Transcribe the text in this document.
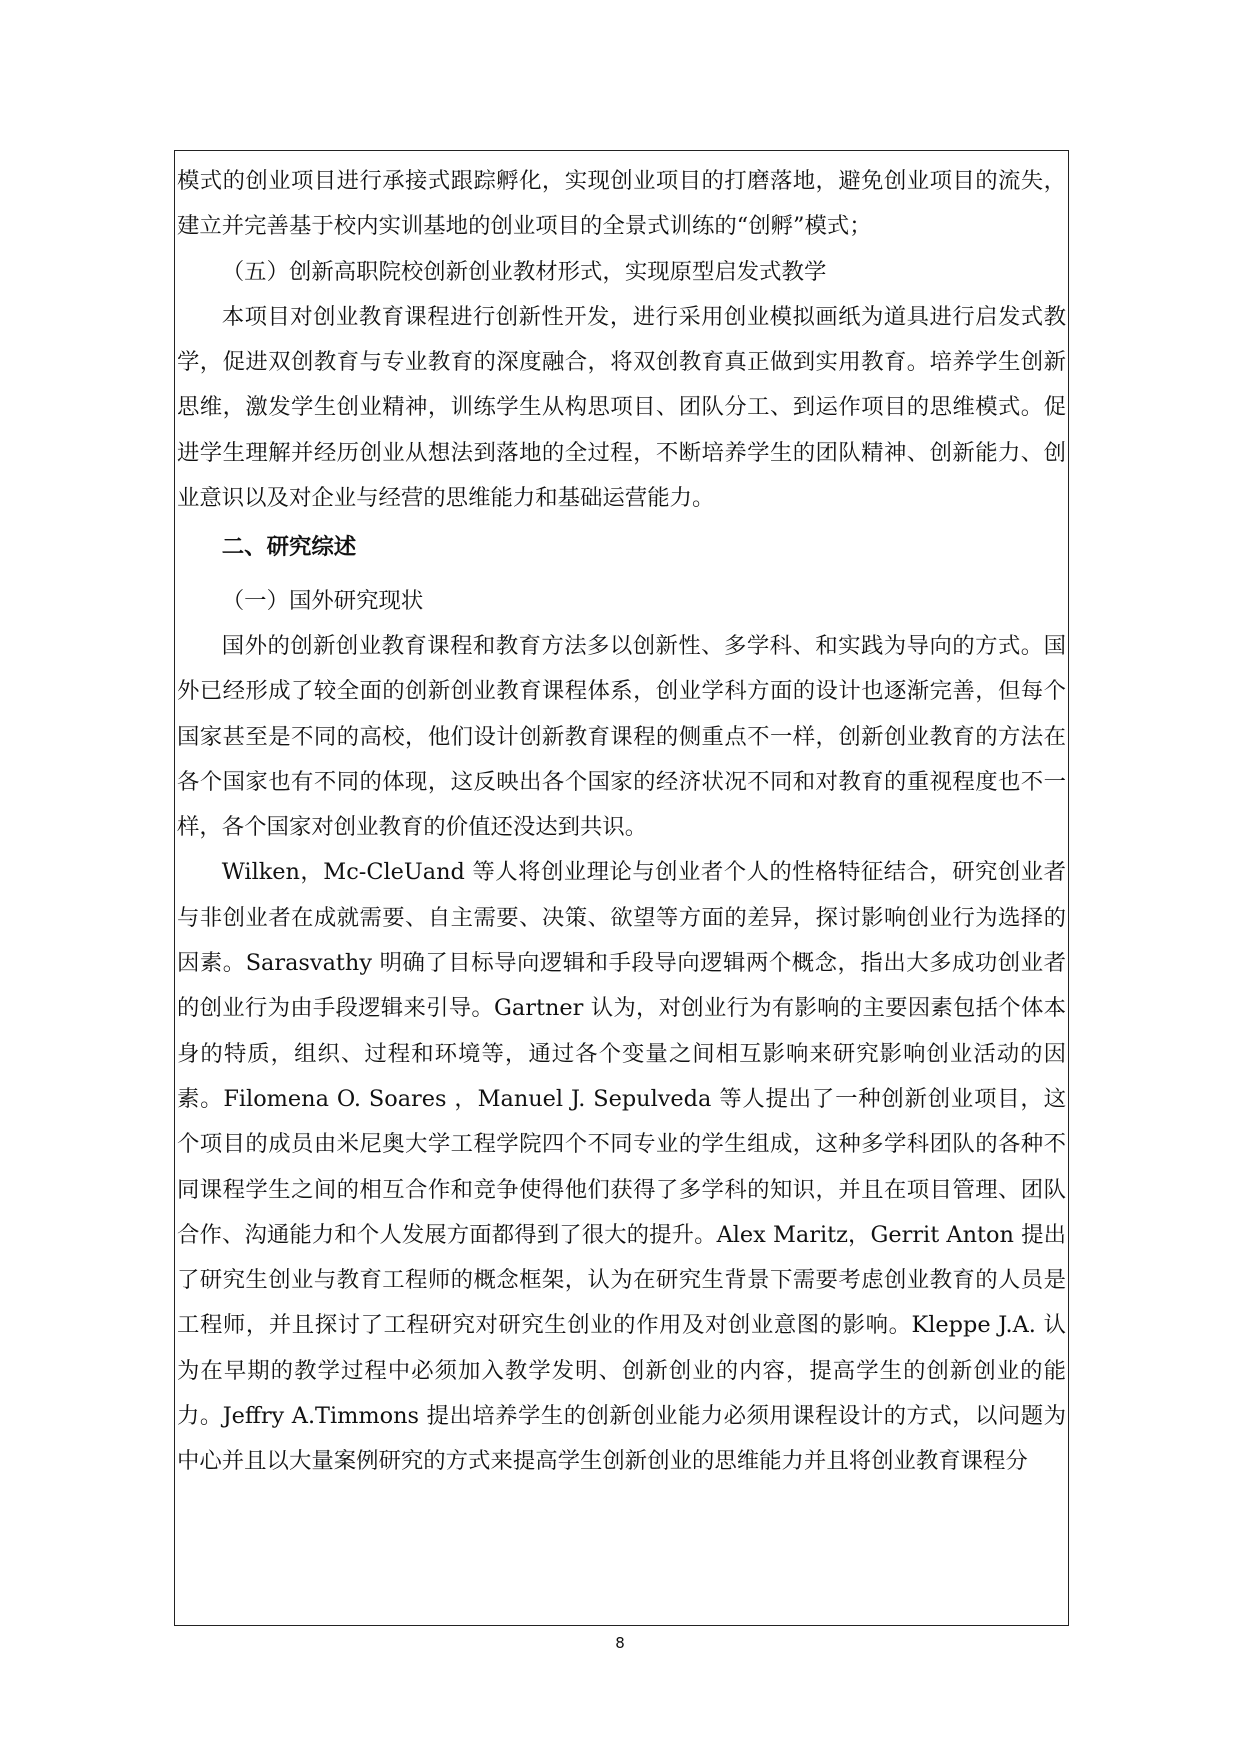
模式的创业项目进行承接式跟踪孵化，实现创业项目的打磨落地，避免创业项目的流失，建立并完善基于校内实训基地的创业项目的全景式训练的“创孵”模式；

（五）创新高职院校创新创业教材形式，实现原型启发式教学

本项目对创业教育课程进行创新性开发，进行采用创业模拟画纸为道具进行启发式教学，促进双创教育与专业教育的深度融合，将双创教育真正做到实用教育。培养学生创新思维，激发学生创业精神，训练学生从构思项目、团队分工、到运作项目的思维模式。促进学生理解并经历创业从想法到落地的全过程，不断培养学生的团队精神、创新能力、创业意识以及对企业与经营的思维能力和基础运营能力。

二、研究综述

（一）国外研究现状

国外的创新创业教育课程和教育方法多以创新性、多学科、和实践为导向的方式。国外已经形成了较全面的创新创业教育课程体系，创业学科方面的设计也逐渐完善，但每个国家甚至是不同的高校，他们设计创新教育课程的侧重点不一样，创新创业教育的方法在各个国家也有不同的体现，这反映出各个国家的经济状况不同和对教育的重视程度也不一样，各个国家对创业教育的价值还没达到共识。

Wilken，Mc-CleUand 等人将创业理论与创业者个人的性格特征结合，研究创业者与非创业者在成就需要、自主需要、决策、欲望等方面的差异，探讨影响创业行为选择的因素。Sarasvathy 明确了目标导向逻辑和手段导向逻辑两个概念，指出大多成功创业者的创业行为由手段逻辑来引导。Gartner 认为，对创业行为有影响的主要因素包括个体本身的特质，组织、过程和环境等，通过各个变量之间相互影响来研究影响创业活动的因素。Filomena O. Soares ，Manuel J. Sepulveda 等人提出了一种创新创业项目，这个项目的成员由米尼奥大学工程学院四个不同专业的学生组成，这种多学科团队的各种不同课程学生之间的相互合作和竞争使得他们获得了多学科的知识，并且在项目管理、团队合作、沟通能力和个人发展方面都得到了很大的提升。Alex Maritz，Gerrit Anton 提出了研究生创业与教育工程师的概念框架，认为在研究生背景下需要考虑创业教育的人员是工程师，并且探讨了工程研究对研究生创业的作用及对创业意图的影响。Kleppe J.A. 认为在早期的教学过程中必须加入教学发明、创新创业的内容，提高学生的创新创业的能力。Jeffry A.Timmons 提出培养学生的创新创业能力必须用课程设计的方式，以问题为中心并且以大量案例研究的方式来提高学生创新创业的思维能力并且将创业教育课程分

8
